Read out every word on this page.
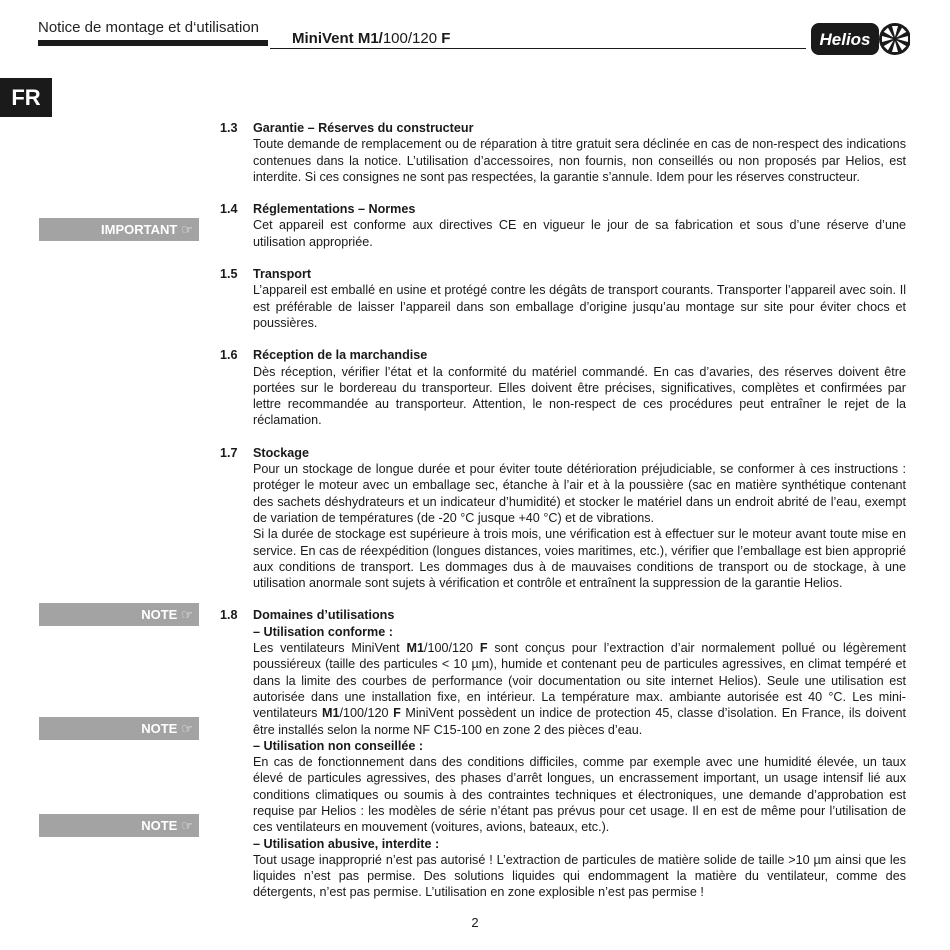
Notice de montage et d‘utilisation
MiniVent M1/100/120 F	Helios
FR
IMPORTANT ☞
NOTE ☞
NOTE ☞
NOTE ☞
1.3	Garantie – Réserves du constructeur

Toute demande de remplacement ou de réparation à titre gratuit sera déclinée en cas de non-respect des indications contenues dans la notice. L’utilisation d’accessoires, non fournis, non conseillés ou non proposés par Helios, est interdite. Si ces consignes ne sont pas respectées, la garantie s’annule. Idem pour les réserves constructeur.

1.4	Réglementations – Normes

Cet appareil est conforme aux directives CE en vigueur le jour de sa fabrication et sous d’une réserve d’une utilisation appropriée.

1.5	Transport

L’appareil est emballé en usine et protégé contre les dégâts de transport courants. Transporter l’appareil avec soin. Il est préférable de laisser l’appareil dans son emballage d’origine jusqu’au montage sur site pour éviter chocs et poussières.

1.6	Réception de la marchandise

Dès réception, vérifier l’état et la conformité du matériel commandé. En cas d’avaries, des réserves doivent être portées sur le bordereau du transporteur. Elles doivent être précises, significatives, complètes et confirmées par lettre recommandée au transporteur. Attention, le non-respect de ces procédures peut entraîner le rejet de la réclamation.

1.7	Stockage

Pour un stockage de longue durée et pour éviter toute détérioration préjudiciable, se conformer à ces instructions : protéger le moteur avec un emballage sec, étanche à l’air et à la poussière (sac en matière synthétique contenant des sachets déshydrateurs et un indicateur d’humidité) et stocker le matériel dans un endroit abrité de l’eau, exempt de variation de températures (de -20 °C jusque +40 °C) et de vibrations.

Si la durée de stockage est supérieure à trois mois, une vérification est à effectuer sur le moteur avant toute mise en service. En cas de réexpédition (longues distances, voies maritimes, etc.), vérifier que l’emballage est bien approprié aux conditions de transport. Les dommages dus à de mauvaises conditions de transport ou de stockage, à une utilisation anormale sont sujets à vérification et contrôle et entraînent la suppression de la garantie Helios.

1.8	Domaines d’utilisations

– Utilisation conforme :

Les ventilateurs MiniVent M1/100/120 F sont conçus pour l’extraction d’air normalement pollué ou légèrement poussiéreux (taille des particules < 10 µm), humide et contenant peu de particules agressives, en climat tempéré et dans la limite des courbes de performance (voir documentation ou site internet Helios). Seule une utilisation est autorisée dans une installation fixe, en intérieur. La température max. ambiante autorisée est 40 °C. Les mini-ventilateurs M1/100/120 F MiniVent possèdent un indice de protection 45, classe d’isolation. En France, ils doivent être installés selon la norme NF C15-100 en zone 2 des pièces d’eau.

– Utilisation non conseillée :

En cas de fonctionnement dans des conditions difficiles, comme par exemple avec une humidité élevée, un taux élevé de particules agressives, des phases d’arrêt longues, un encrassement important, un usage intensif lié aux conditions climatiques ou soumis à des contraintes techniques et électroniques, une demande d’approbation est requise par Helios : les modèles de série n’étant pas prévus pour cet usage. Il en est de même pour l’utilisation de ces ventilateurs en mouvement (voitures, avions, bateaux, etc.).

– Utilisation abusive, interdite :

Tout usage inapproprié n’est pas autorisé ! L’extraction de particules de matière solide de taille >10 µm ainsi que les liquides n’est pas permise. Des solutions liquides qui endommagent la matière du ventilateur, comme des détergents, n’est pas permise. L’utilisation en zone explosible n’est pas permise !

2
